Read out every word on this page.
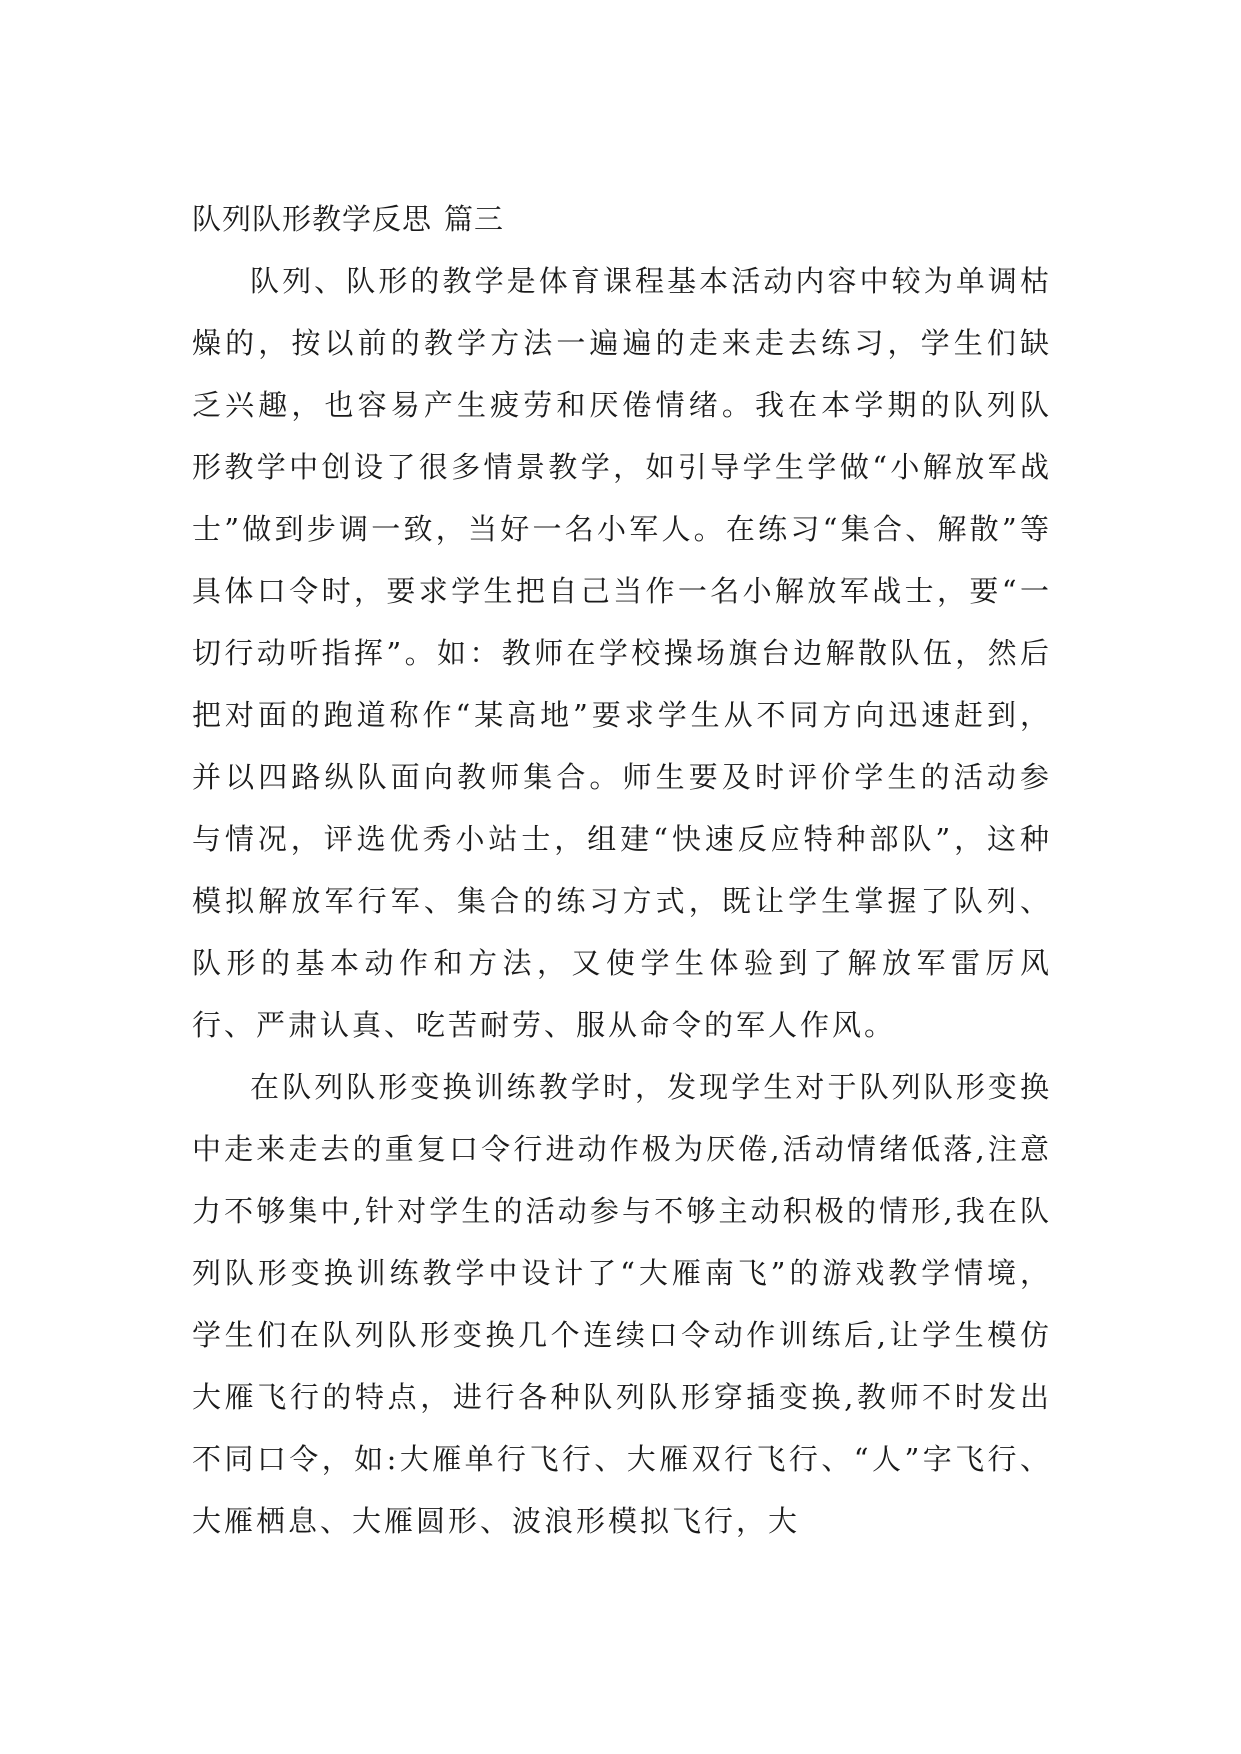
队列队形教学反思 篇三

队列、队形的教学是体育课程基本活动内容中较为单调枯燥的，按以前的教学方法一遍遍的走来走去练习，学生们缺乏兴趣，也容易产生疲劳和厌倦情绪。我在本学期的队列队形教学中创设了很多情景教学，如引导学生学做“小解放军战士”做到步调一致，当好一名小军人。在练习“集合、解散”等具体口令时，要求学生把自己当作一名小解放军战士，要“一切行动听指挥”。如：教师在学校操场旗台边解散队伍，然后把对面的跑道称作“某高地”要求学生从不同方向迅速赶到，并以四路纵队面向教师集合。师生要及时评价学生的活动参与情况，评选优秀小站士，组建“快速反应特种部队”，这种模拟解放军行军、集合的练习方式，既让学生掌握了队列、队形的基本动作和方法，又使学生体验到了解放军雷厉风行、严肃认真、吃苦耐劳、服从命令的军人作风。

在队列队形变换训练教学时，发现学生对于队列队形变换中走来走去的重复口令行进动作极为厌倦,活动情绪低落,注意力不够集中,针对学生的活动参与不够主动积极的情形,我在队列队形变换训练教学中设计了“大雁南飞”的游戏教学情境，学生们在队列队形变换几个连续口令动作训练后,让学生模仿大雁飞行的特点，进行各种队列队形穿插变换,教师不时发出不同口令，如:大雁单行飞行、大雁双行飞行、“人”字飞行、大雁栖息、大雁圆形、波浪形模拟飞行，大
